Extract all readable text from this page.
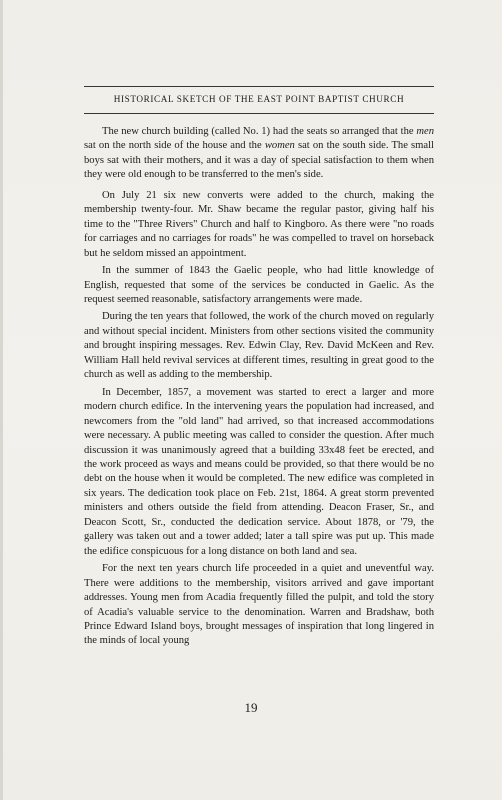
HISTORICAL SKETCH OF THE EAST POINT BAPTIST CHURCH

The new church building (called No. 1) had the seats so arranged that the men sat on the north side of the house and the women sat on the south side. The small boys sat with their mothers, and it was a day of special satisfaction to them when they were old enough to be transferred to the men's side.

On July 21 six new converts were added to the church, making the membership twenty-four. Mr. Shaw became the regular pastor, giving half his time to the "Three Rivers" Church and half to Kingboro. As there were "no roads for carriages and no carriages for roads" he was compelled to travel on horseback but he seldom missed an appointment.

In the summer of 1843 the Gaelic people, who had little knowledge of English, requested that some of the services be conducted in Gaelic. As the request seemed reasonable, satisfactory arrangements were made.

During the ten years that followed, the work of the church moved on regularly and without special incident. Ministers from other sections visited the community and brought inspiring messages. Rev. Edwin Clay, Rev. David McKeen and Rev. William Hall held revival services at different times, resulting in great good to the church as well as adding to the membership.

In December, 1857, a movement was started to erect a larger and more modern church edifice. In the intervening years the population had increased, and newcomers from the "old land" had arrived, so that increased accommodations were necessary. A public meeting was called to consider the question. After much discussion it was unanimously agreed that a building 33x48 feet be erected, and the work proceed as ways and means could be provided, so that there would be no debt on the house when it would be completed. The new edifice was completed in six years. The dedication took place on Feb. 21st, 1864. A great storm prevented ministers and others outside the field from attending. Deacon Fraser, Sr., and Deacon Scott, Sr., conducted the dedication service. About 1878, or '79, the gallery was taken out and a tower added; later a tall spire was put up. This made the edifice conspicuous for a long distance on both land and sea.

For the next ten years church life proceeded in a quiet and uneventful way. There were additions to the membership, visitors arrived and gave important addresses. Young men from Acadia frequently filled the pulpit, and told the story of Acadia's valuable service to the denomination. Warren and Bradshaw, both Prince Edward Island boys, brought messages of inspiration that long lingered in the minds of local young

19
